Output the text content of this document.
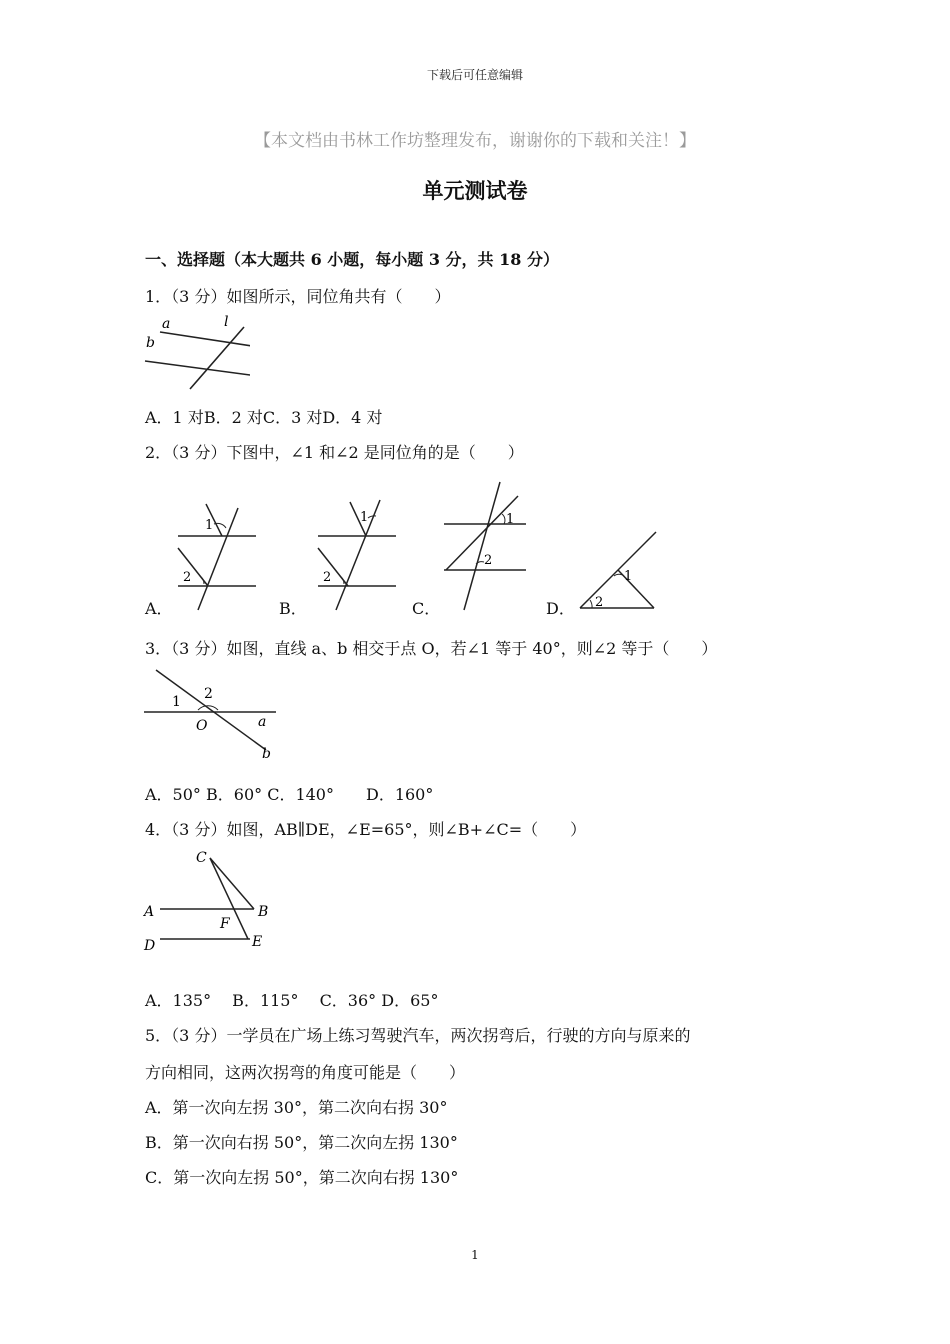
下载后可任意编辑
【本文档由书林工作坊整理发布，谢谢你的下载和关注！】
单元测试卷
一、选择题（本大题共 6 小题，每小题 3 分，共 18 分）
1．（3 分）如图所示，同位角共有（　　）
a
b
l
A．1 对B．2 对C．3 对D．4 对
2．（3 分）下图中，∠1 和∠2 是同位角的是（　　）
A．
1
2
B．
1
2
C．
1
2
D．
1
2
3．（3 分）如图，直线 a、b 相交于点 O，若∠1 等于 40°，则∠2 等于（　　）
1 2
O	a
b
A．50° B．60° C．140°　　D．160°
4．（3 分）如图，AB∥DE，∠E=65°，则∠B+∠C=（　　）
C
A	B
F
D	E
A．135°　 B．115°　 C．36° D．65°
5．（3 分）一学员在广场上练习驾驶汽车，两次拐弯后，行驶的方向与原来的
方向相同，这两次拐弯的角度可能是（　　）
A．第一次向左拐 30°，第二次向右拐 30°
B．第一次向右拐 50°，第二次向左拐 130°
C．第一次向左拐 50°，第二次向右拐 130°
1
